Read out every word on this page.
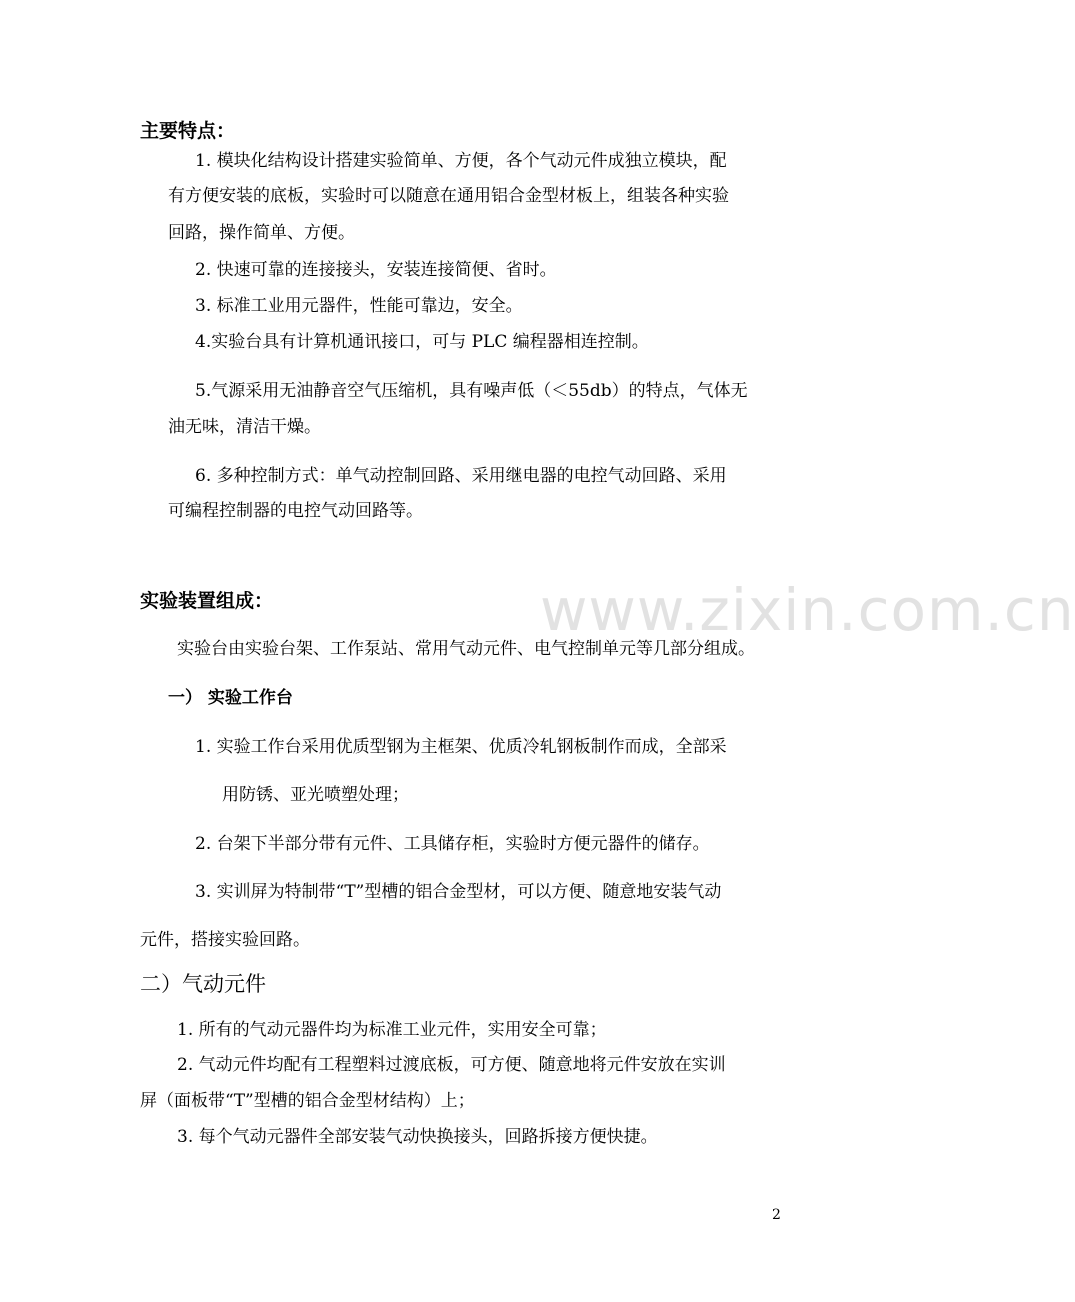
www.zixin.com.cn
主要特点：
1. 模块化结构设计搭建实验简单、方便，各个气动元件成独立模块，配
有方便安装的底板，实验时可以随意在通用铝合金型材板上，组装各种实验
回路，操作简单、方便。
2. 快速可靠的连接接头，安装连接简便、省时。
3. 标准工业用元器件，性能可靠边，安全。
4.实验台具有计算机通讯接口，可与 PLC 编程器相连控制。
5.气源采用无油静音空气压缩机，具有噪声低（＜55db）的特点，气体无
油无味，清洁干燥。
6. 多种控制方式：单气动控制回路、采用继电器的电控气动回路、采用
可编程控制器的电控气动回路等。
实验装置组成：
实验台由实验台架、工作泵站、常用气动元件、电气控制单元等几部分组成。
一） 实验工作台
1. 实验工作台采用优质型钢为主框架、优质冷轧钢板制作而成，全部采
用防锈、亚光喷塑处理；
2. 台架下半部分带有元件、工具储存柜，实验时方便元器件的储存。
3. 实训屏为特制带“T”型槽的铝合金型材，可以方便、随意地安装气动
元件，搭接实验回路。
二）气动元件
1. 所有的气动元器件均为标准工业元件，实用安全可靠；
2. 气动元件均配有工程塑料过渡底板，可方便、随意地将元件安放在实训
屏（面板带“T”型槽的铝合金型材结构）上；
3. 每个气动元器件全部安装气动快换接头，回路拆接方便快捷。
2
